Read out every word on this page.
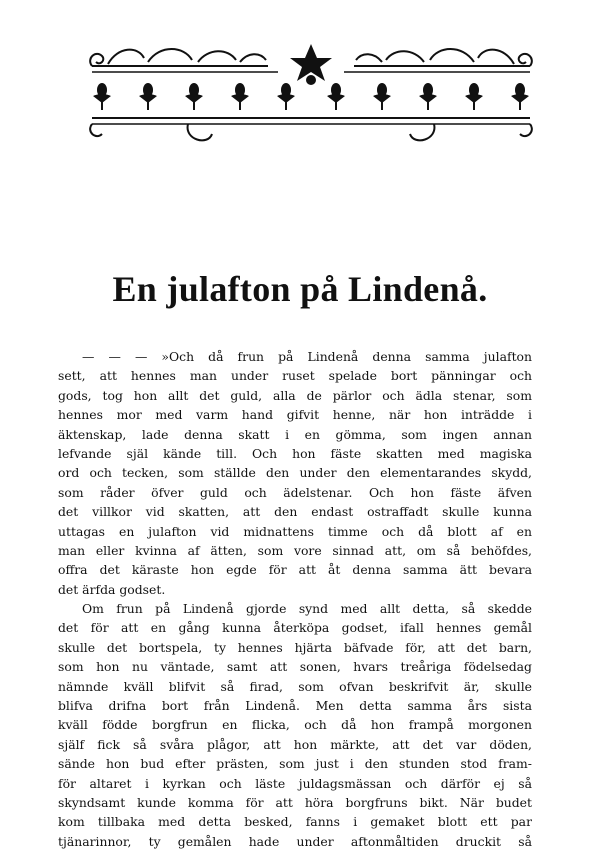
En julafton på Lindenå.
— — — »Och då frun på Lindenå denna samma julafton
sett, att hennes man under ruset spelade bort pänningar och
gods, tog hon allt det guld, alla de pärlor och ädla stenar, som
hennes mor med varm hand gifvit henne, när hon inträdde i
äktenskap, lade denna skatt i en gömma, som ingen annan
lefvande själ kände till. Och hon fäste skatten med magiska
ord och tecken, som ställde den under den elementarandes skydd,
som råder öfver guld och ädelstenar. Och hon fäste äfven
det villkor vid skatten, att den endast ostraffadt skulle kunna
uttagas en julafton vid midnattens timme och då blott af en
man eller kvinna af ätten, som vore sinnad att, om så behöfdes,
offra det käraste hon egde för att åt denna samma ätt bevara
det ärfda godset.
Om frun på Lindenå gjorde synd med allt detta, så skedde
det för att en gång kunna återköpa godset, ifall hennes gemål
skulle det bortspela, ty hennes hjärta bäfvade för, att det barn,
som hon nu väntade, samt att sonen, hvars treåriga födelsedag
nämnde kväll blifvit så firad, som ofvan beskrifvit är, skulle
blifva drifna bort från Lindenå. Men detta samma års sista
kväll födde borgfrun en flicka, och då hon frampå morgonen
själf fick så svåra plågor, att hon märkte, att det var döden,
sände hon bud efter prästen, som just i den stunden stod fram-
för altaret i kyrkan och läste juldagsmässan och därför ej så
skyndsamt kunde komma för att höra borgfruns bikt. När budet
kom tillbaka med detta besked, fanns i gemaket blott ett par
tjänarinnor, ty gemålen hade under aftonmåltiden druckit så
